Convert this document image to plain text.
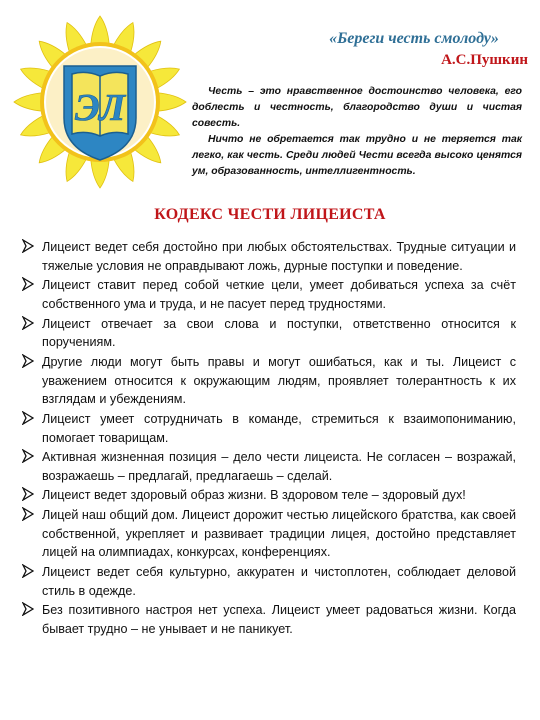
ЭЛ
«Береги честь смолоду»
А.С.Пушкин

Честь – это нравственное достоинство человека, его доблесть и честность, благородство души и чистая совесть.

Ничто не обретается так трудно и не теряется так легко, как честь. Среди людей Чести всегда высоко ценятся ум, образованность, интеллигентность.

КОДЕКС ЧЕСТИ ЛИЦЕИСТА
Лицеист ведет себя достойно при любых обстоятельствах. Трудные ситуации и тяжелые условия не оправдывают ложь, дурные поступки и поведение.
Лицеист ставит перед собой четкие цели, умеет добиваться успеха за счёт собственного ума и труда, и не пасует перед трудностями.
Лицеист отвечает за свои слова и поступки, ответственно относится к поручениям.
Другие люди могут быть правы и могут ошибаться, как и ты. Лицеист с уважением относится к окружающим людям, проявляет толерантность к их взглядам и убеждениям.
Лицеист умеет сотрудничать в команде, стремиться к взаимопониманию, помогает товарищам.
Активная жизненная позиция – дело чести лицеиста. Не согласен – возражай, возражаешь – предлагай, предлагаешь – сделай.
Лицеист ведет здоровый образ жизни. В здоровом теле – здоровый дух!
Лицей наш общий дом. Лицеист дорожит честью лицейского братства, как своей собственной, укрепляет и развивает традиции лицея, достойно представляет лицей на олимпиадах, конкурсах, конференциях.
Лицеист ведет себя культурно, аккуратен и чистоплотен, соблюдает деловой стиль в одежде.
Без позитивного настроя нет успеха. Лицеист умеет радоваться жизни. Когда бывает трудно – не унывает и не паникует.
